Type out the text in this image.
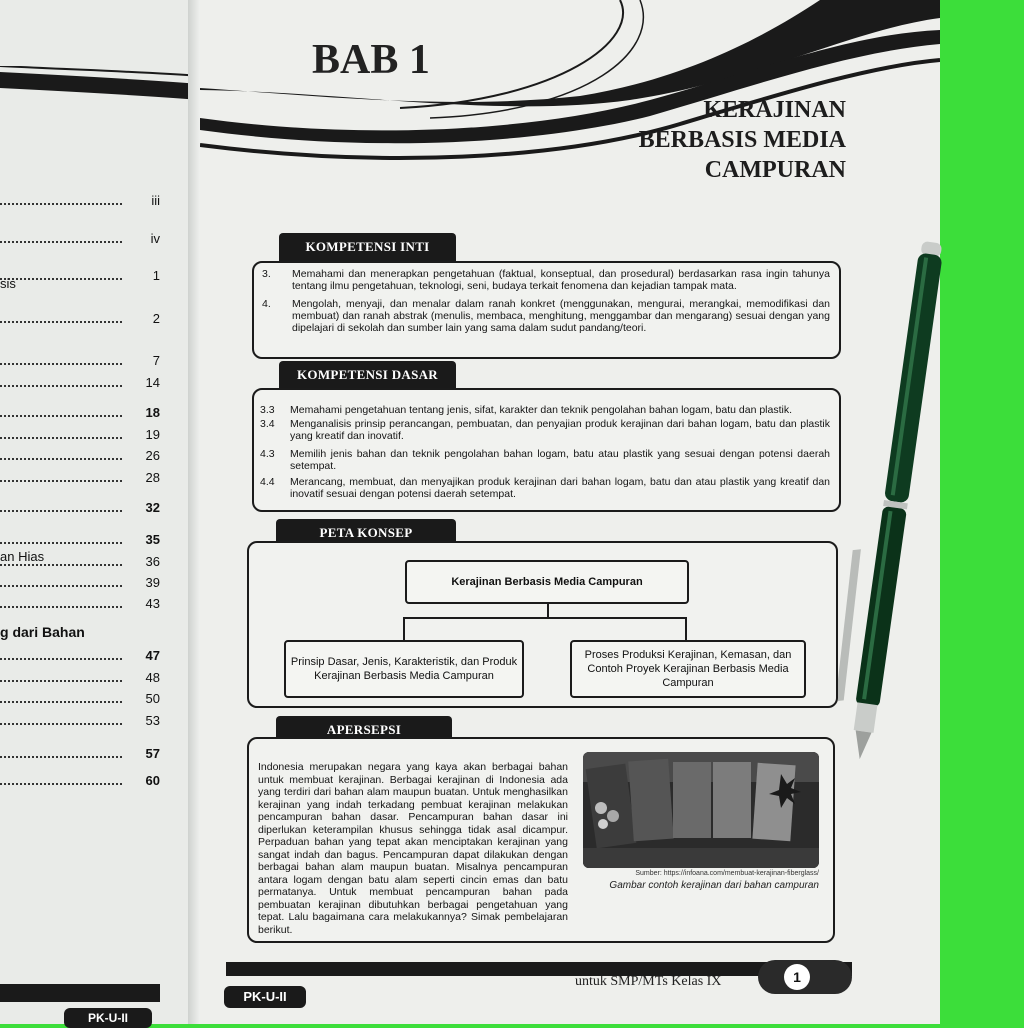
iii
iv
1
2
7
14
18
19
26
28
32
35
36
39
43
47
48
50
53
57
60
sis
an Hias
g dari Bahan
PK-U-II
BAB 1
KERAJINAN
BERBASIS MEDIA
CAMPURAN
KOMPETENSI INTI
3. Memahami dan menerapkan pengetahuan (faktual, konseptual, dan prosedural) berdasarkan rasa ingin tahunya tentang ilmu pengetahuan, teknologi, seni, budaya terkait fenomena dan kejadian tampak mata.
4. Mengolah, menyaji, dan menalar dalam ranah konkret (menggunakan, mengurai, merangkai, memodifikasi dan membuat) dan ranah abstrak (menulis, membaca, menghitung, menggambar dan mengarang) sesuai dengan yang dipelajari di sekolah dan sumber lain yang sama dalam sudut pandang/teori.
KOMPETENSI DASAR
3.3 Memahami pengetahuan tentang jenis, sifat, karakter dan teknik pengolahan bahan logam, batu dan plastik.
3.4 Menganalisis prinsip perancangan, pembuatan, dan penyajian produk kerajinan dari bahan logam, batu dan plastik yang kreatif dan inovatif.
4.3 Memilih jenis bahan dan teknik pengolahan bahan logam, batu atau plastik yang sesuai dengan potensi daerah setempat.
4.4 Merancang, membuat, dan menyajikan produk kerajinan dari bahan logam, batu dan atau plastik yang kreatif dan inovatif sesuai dengan potensi daerah setempat.
PETA KONSEP
Kerajinan Berbasis Media Campuran
Prinsip Dasar, Jenis, Karakteristik, dan Produk Kerajinan Berbasis Media Campuran
Proses Produksi Kerajinan, Kemasan, dan Contoh Proyek Kerajinan Berbasis Media Campuran
APERSEPSI
Indonesia merupakan negara yang kaya akan berbagai bahan untuk membuat kerajinan. Berbagai kerajinan di Indonesia ada yang terdiri dari bahan alam maupun buatan. Untuk menghasilkan kerajinan yang indah terkadang pembuat kerajinan melakukan pencampuran bahan dasar. Pencampuran bahan dasar ini diperlukan keterampilan khusus sehingga tidak asal dicampur. Perpaduan bahan yang tepat akan menciptakan kerajinan yang sangat indah dan bagus. Pencampuran dapat dilakukan dengan berbagai bahan alam maupun buatan. Misalnya pencampuran antara logam dengan batu alam seperti cincin emas dan batu permatanya. Untuk membuat pencampuran bahan pada pembuatan kerajinan dibutuhkan berbagai pengetahuan yang tepat. Lalu bagaimana cara melakukannya? Simak pembelajaran berikut.
Sumber: https://infoana.com/membuat-kerajinan-fiberglass/
Gambar contoh kerajinan dari bahan campuran
untuk SMP/MTs Kelas IX	1
PK-U-II
